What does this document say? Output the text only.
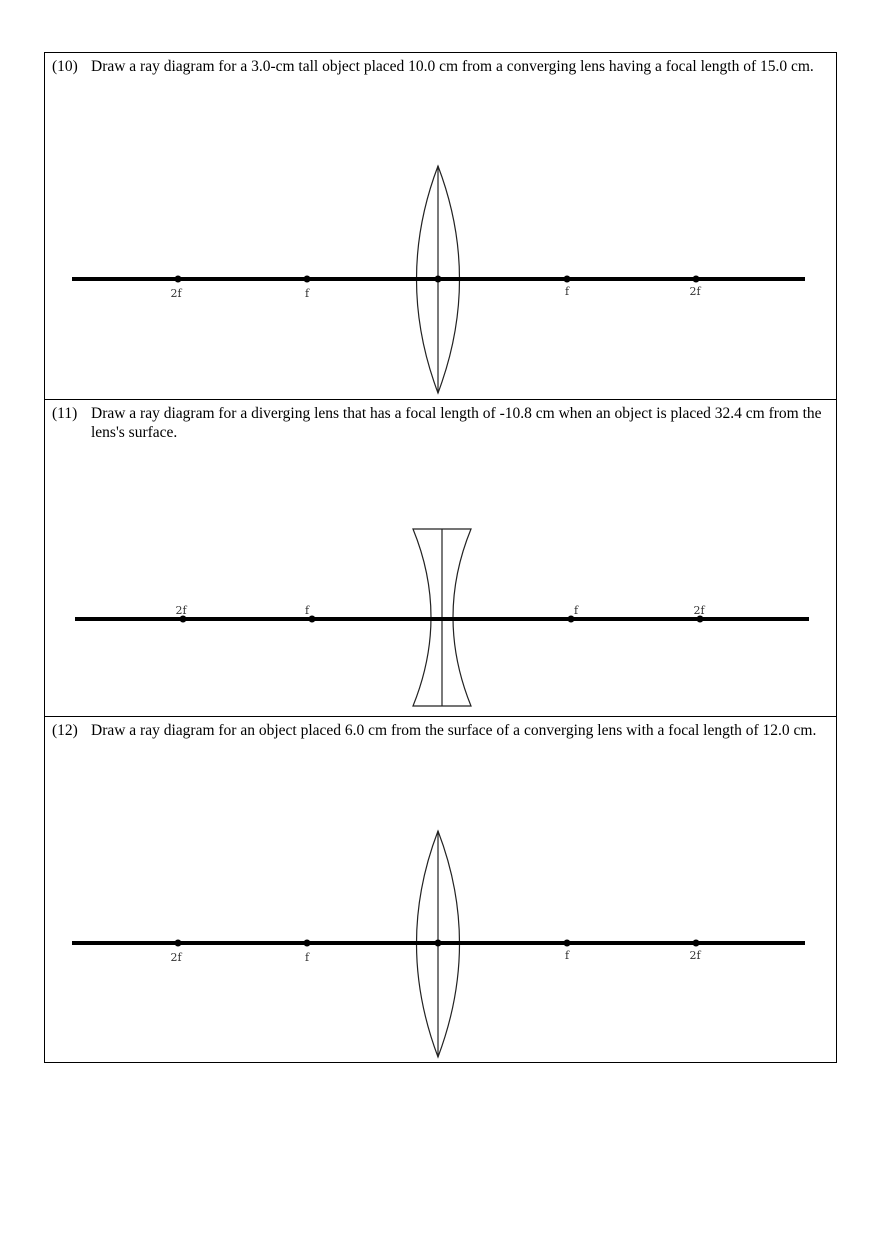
(10) Draw a ray diagram for a 3.0-cm tall object placed 10.0 cm from a converging lens having a focal length of 15.0 cm.
2f	f	f	2f
(11) Draw a ray diagram for a diverging lens that has a focal length of -10.8 cm when an object is placed 32.4 cm from the lens's surface.
2f	f	f	2f
(12) Draw a ray diagram for an object placed 6.0 cm from the surface of a converging lens with a focal length of 12.0 cm.
2f	f	f	2f
